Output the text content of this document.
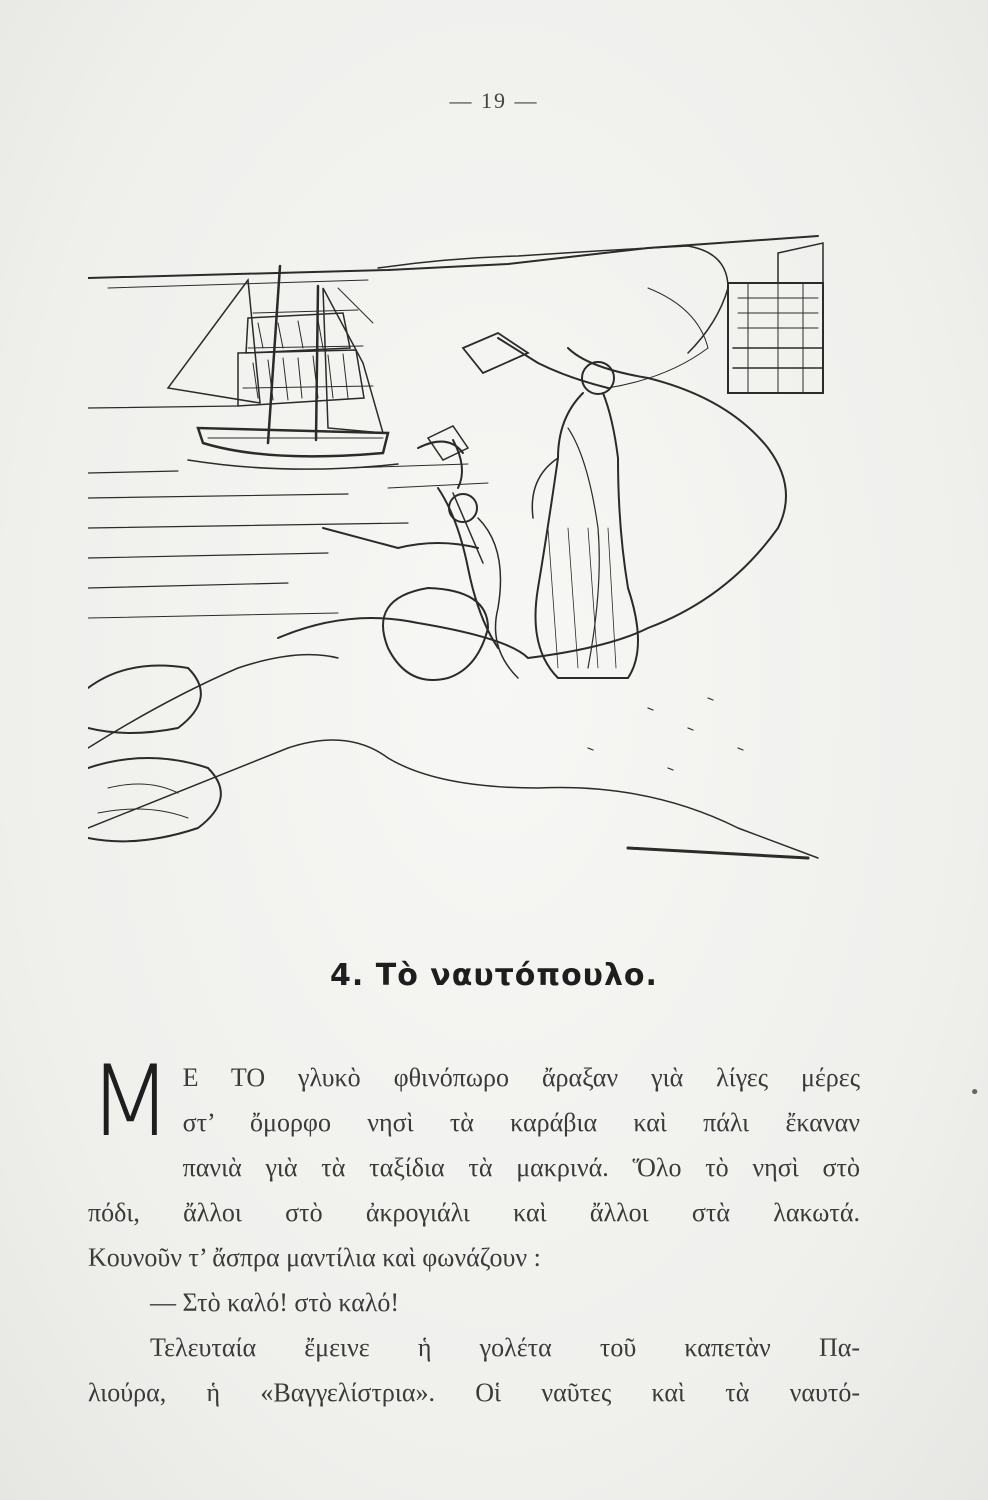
— 19 —
4. Τὸ ναυτόπουλο.
•
Μ Ε ΤΟ γλυκὸ φθινόπωρο ἄραξαν γιὰ λίγες μέρες
στ’ ὄμορφο νησὶ τὰ καράβια καὶ πάλι ἔκαναν
πανιὰ γιὰ τὰ ταξίδια τὰ μακρινά. Ὅλο τὸ νησὶ στὸ
πόδι, ἄλλοι στὸ ἀκρογιάλι καὶ ἄλλοι στὰ λακωτά.
Κουνοῦν τ’ ἄσπρα μαντίλια καὶ φωνάζουν :
— Στὸ καλό! στὸ καλό!
Τελευταία ἔμεινε ἡ γολέτα τοῦ καπετὰν Πα-
λιούρα, ἡ «Βαγγελίστρια». Οἱ ναῦτες καὶ τὰ ναυτό-
